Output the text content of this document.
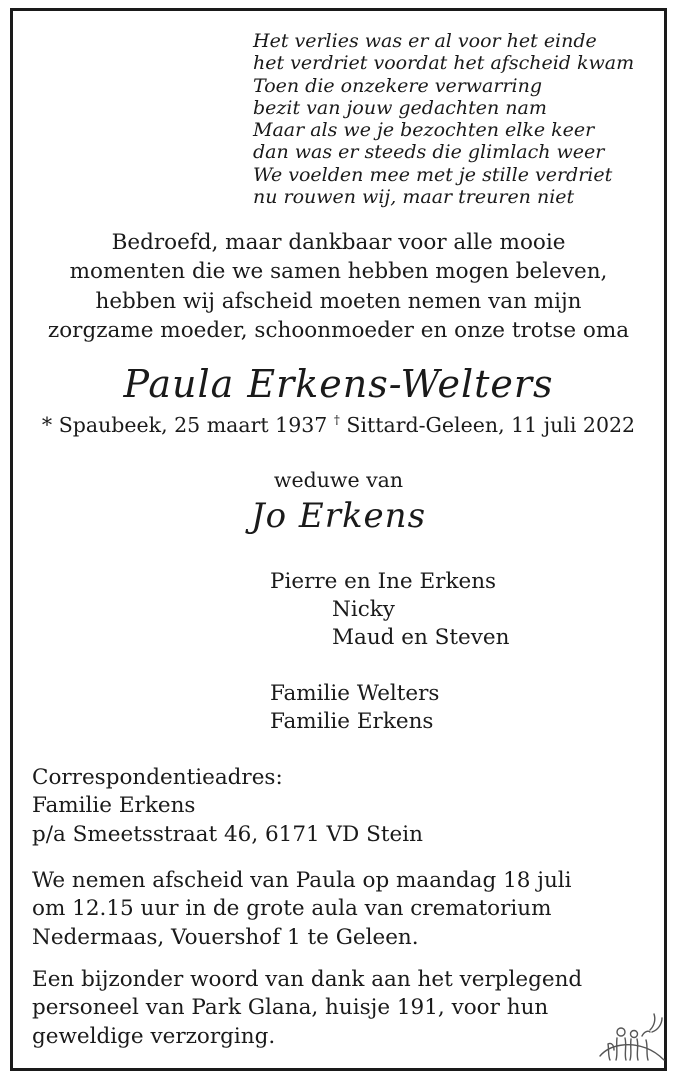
Het verlies was er al voor het einde
het verdriet voordat het afscheid kwam
Toen die onzekere verwarring
bezit van jouw gedachten nam
Maar als we je bezochten elke keer
dan was er steeds die glimlach weer
We voelden mee met je stille verdriet
nu rouwen wij, maar treuren niet
Bedroefd, maar dankbaar voor alle mooie
momenten die we samen hebben mogen beleven,
hebben wij afscheid moeten nemen van mijn
zorgzame moeder, schoonmoeder en onze trotse oma
Paula Erkens-Welters
* Spaubeek, 25 maart 1937 † Sittard-Geleen, 11 juli 2022
weduwe van
Jo Erkens
Pierre en Ine Erkens
Nicky
Maud en Steven
Familie Welters
Familie Erkens
Correspondentieadres:
Familie Erkens
p/a Smeetsstraat 46, 6171 VD Stein
We nemen afscheid van Paula op maandag 18 juli
om 12.15 uur in de grote aula van crematorium
Nedermaas, Vouershof 1 te Geleen.
Een bijzonder woord van dank aan het verplegend
personeel van Park Glana, huisje 191, voor hun
geweldige verzorging.
